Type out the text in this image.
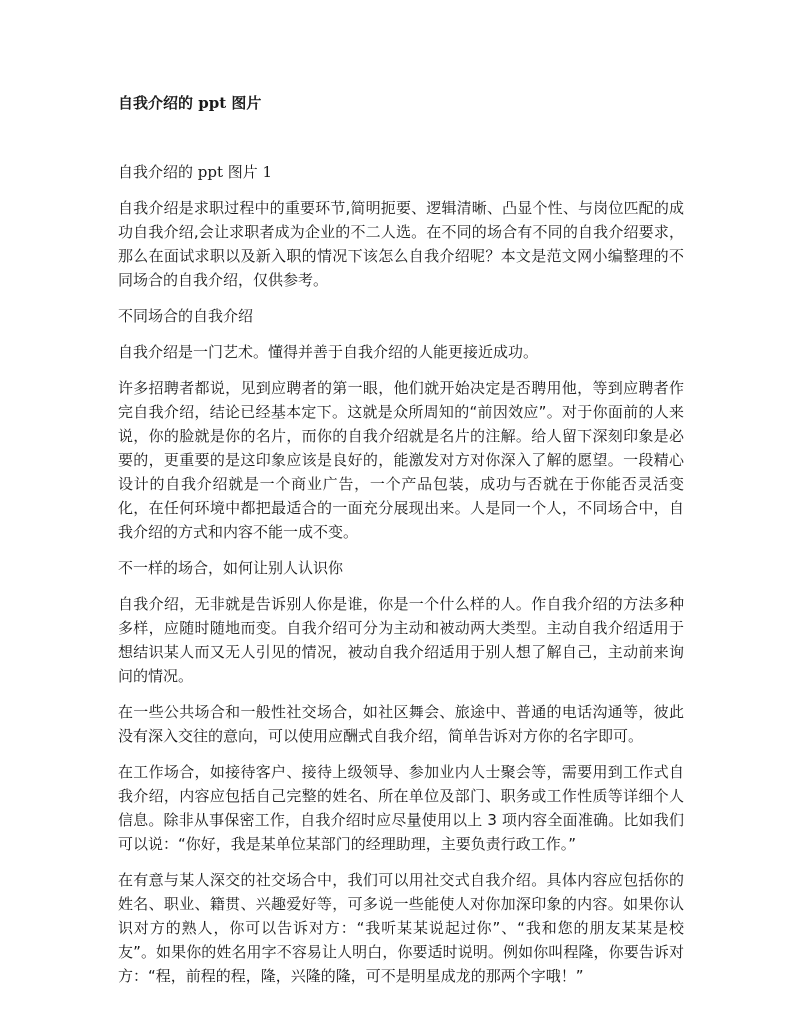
自我介绍的 ppt 图片

自我介绍的 ppt 图片 1

自我介绍是求职过程中的重要环节,简明扼要、逻辑清晰、凸显个性、与岗位匹配的成功自我介绍,会让求职者成为企业的不二人选。在不同的场合有不同的自我介绍要求，那么在面试求职以及新入职的情况下该怎么自我介绍呢？本文是范文网小编整理的不同场合的自我介绍，仅供参考。

不同场合的自我介绍

自我介绍是一门艺术。懂得并善于自我介绍的人能更接近成功。

许多招聘者都说，见到应聘者的第一眼，他们就开始决定是否聘用他，等到应聘者作完自我介绍，结论已经基本定下。这就是众所周知的“前因效应”。对于你面前的人来说，你的脸就是你的名片，而你的自我介绍就是名片的注解。给人留下深刻印象是必要的，更重要的是这印象应该是良好的，能激发对方对你深入了解的愿望。一段精心设计的自我介绍就是一个商业广告，一个产品包装，成功与否就在于你能否灵活变化，在任何环境中都把最适合的一面充分展现出来。人是同一个人，不同场合中，自我介绍的方式和内容不能一成不变。

不一样的场合，如何让别人认识你

自我介绍，无非就是告诉别人你是谁，你是一个什么样的人。作自我介绍的方法多种多样，应随时随地而变。自我介绍可分为主动和被动两大类型。主动自我介绍适用于想结识某人而又无人引见的情况，被动自我介绍适用于别人想了解自己，主动前来询问的情况。

在一些公共场合和一般性社交场合，如社区舞会、旅途中、普通的电话沟通等，彼此没有深入交往的意向，可以使用应酬式自我介绍，简单告诉对方你的名字即可。

在工作场合，如接待客户、接待上级领导、参加业内人士聚会等，需要用到工作式自我介绍，内容应包括自己完整的姓名、所在单位及部门、职务或工作性质等详细个人信息。除非从事保密工作，自我介绍时应尽量使用以上 3 项内容全面准确。比如我们可以说：“你好，我是某单位某部门的经理助理，主要负责行政工作。”

在有意与某人深交的社交场合中，我们可以用社交式自我介绍。具体内容应包括你的姓名、职业、籍贯、兴趣爱好等，可多说一些能使人对你加深印象的内容。如果你认识对方的熟人，你可以告诉对方：“我听某某说起过你”、“我和您的朋友某某是校友”。如果你的姓名用字不容易让人明白，你要适时说明。例如你叫程隆，你要告诉对方：“程，前程的程，隆，兴隆的隆，可不是明星成龙的那两个字哦！”
